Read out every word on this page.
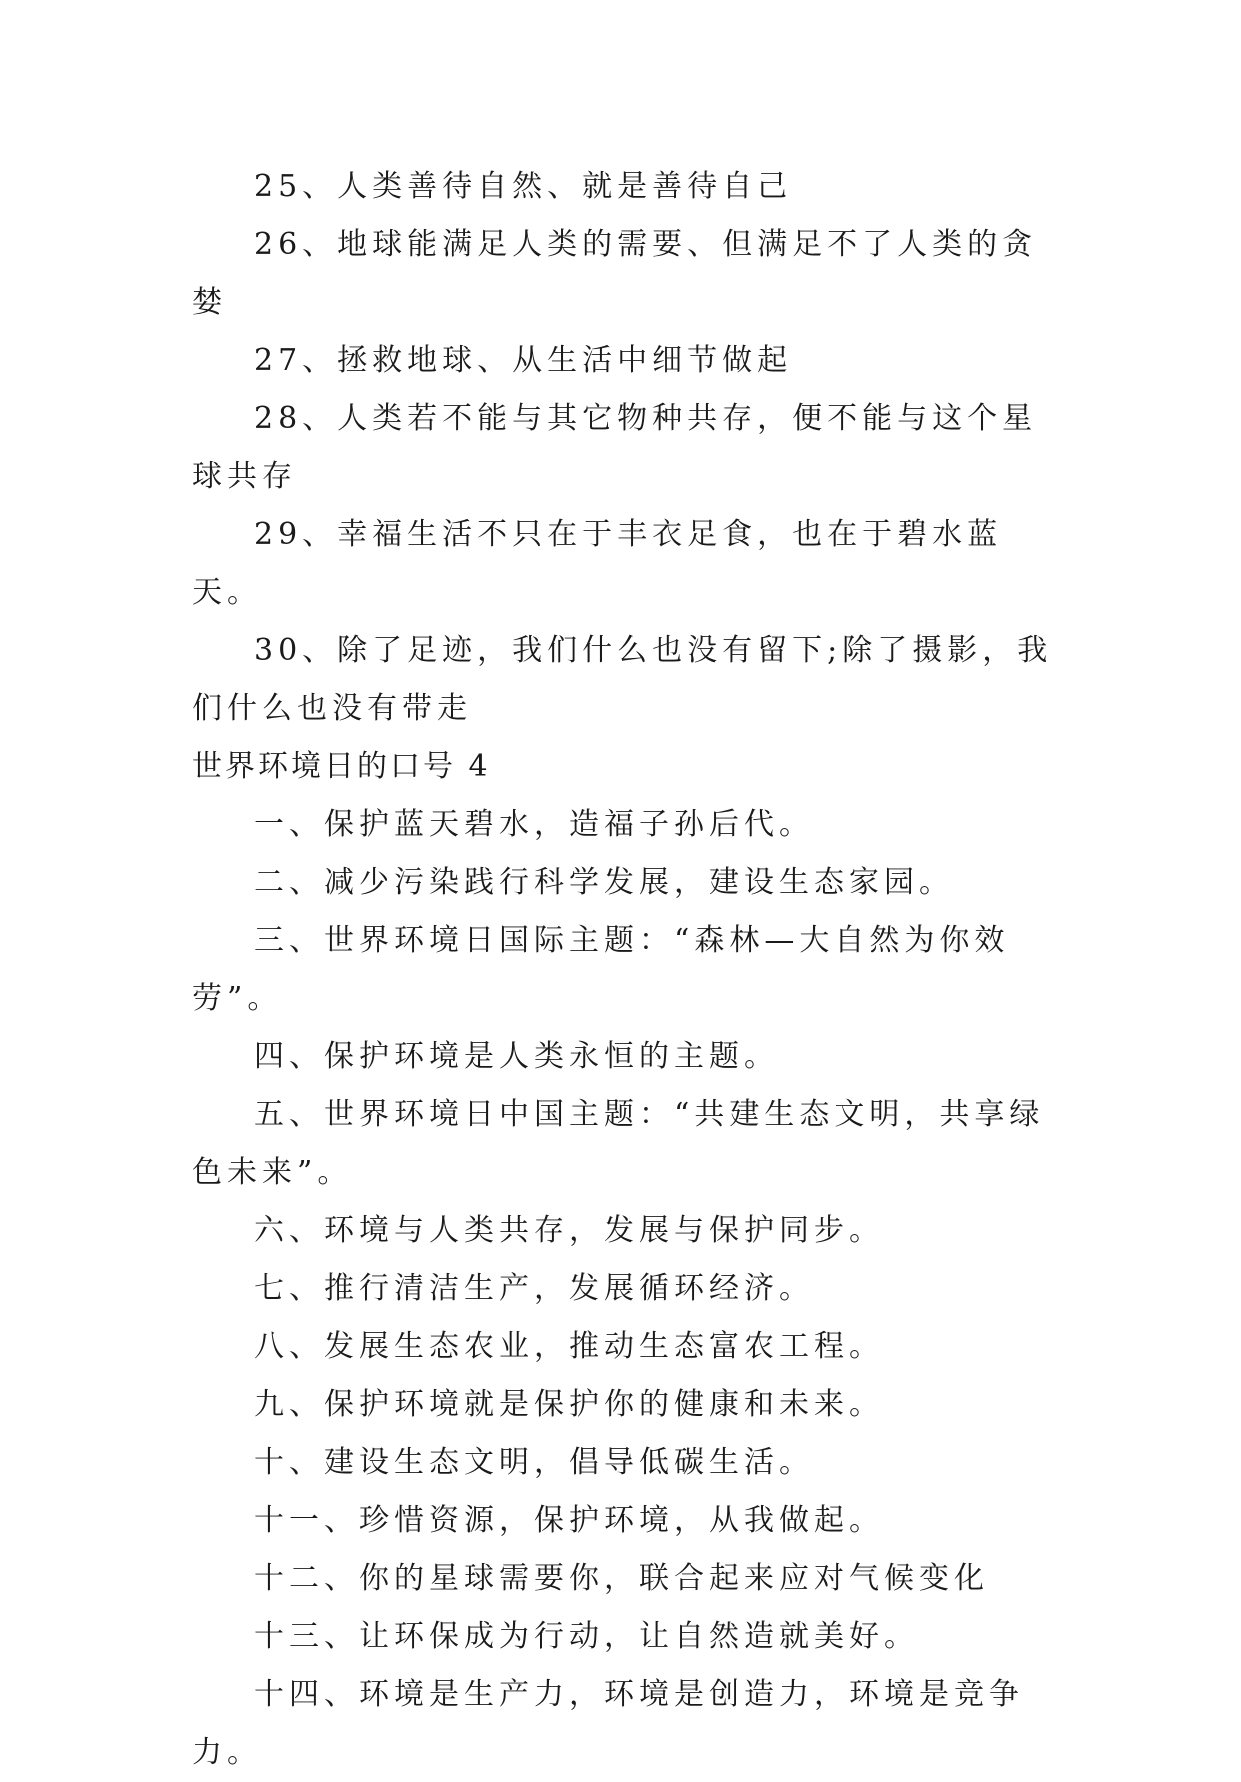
25、人类善待自然、就是善待自己

26、地球能满足人类的需要、但满足不了人类的贪婪

27、拯救地球、从生活中细节做起

28、人类若不能与其它物种共存，便不能与这个星球共存

29、幸福生活不只在于丰衣足食，也在于碧水蓝天。

30、除了足迹，我们什么也没有留下;除了摄影，我们什么也没有带走

世界环境日的口号 4

一、保护蓝天碧水，造福子孙后代。

二、减少污染践行科学发展，建设生态家园。

三、世界环境日国际主题：“森林—大自然为你效劳”。

四、保护环境是人类永恒的主题。

五、世界环境日中国主题：“共建生态文明，共享绿色未来”。

六、环境与人类共存，发展与保护同步。

七、推行清洁生产，发展循环经济。

八、发展生态农业，推动生态富农工程。

九、保护环境就是保护你的健康和未来。

十、建设生态文明，倡导低碳生活。

十一、珍惜资源，保护环境，从我做起。

十二、你的星球需要你，联合起来应对气候变化

十三、让环保成为行动，让自然造就美好。

十四、环境是生产力，环境是创造力，环境是竞争力。
